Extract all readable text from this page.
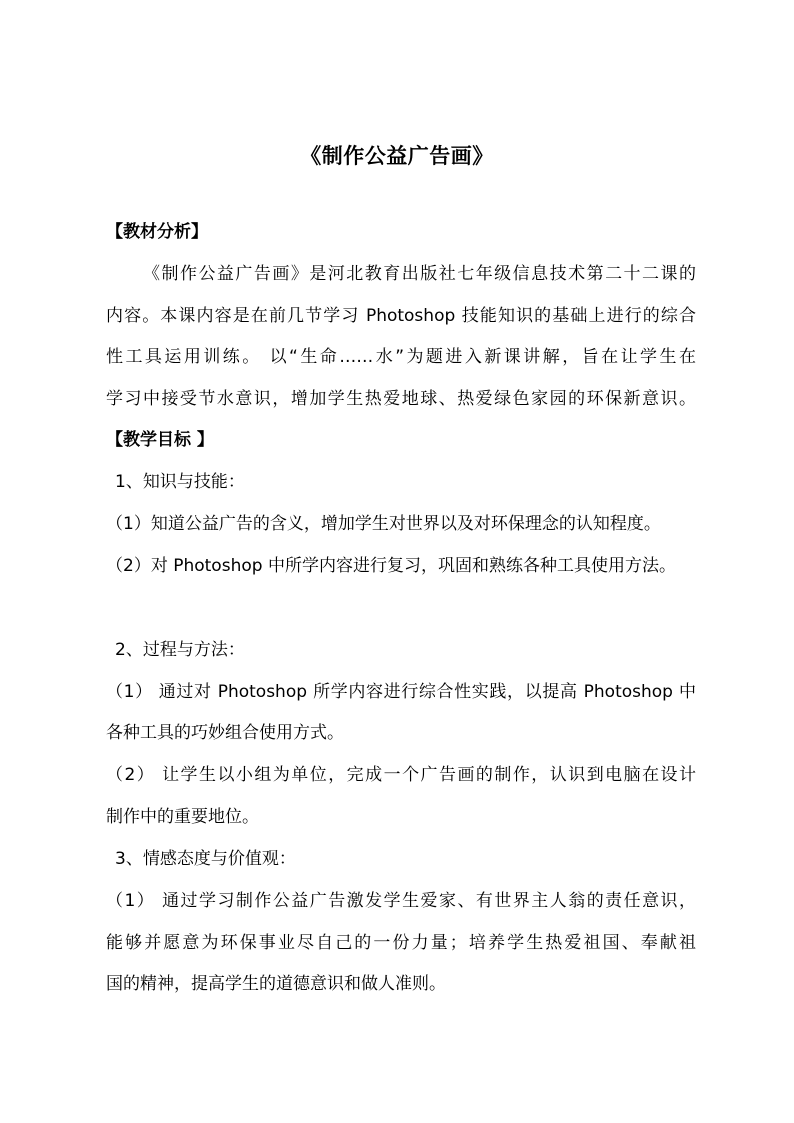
《制作公益广告画》
【教材分析】
《制作公益广告画》是河北教育出版社七年级信息技术第二十二课的
内容。本课内容是在前几节学习 Photoshop 技能知识的基础上进行的综合
性工具运用训练。 以“生命……水”为题进入新课讲解，旨在让学生在
学习中接受节水意识，增加学生热爱地球、热爱绿色家园的环保新意识。
【教学目标 】
1、知识与技能：
（1）知道公益广告的含义，增加学生对世界以及对环保理念的认知程度。
（2）对 Photoshop 中所学内容进行复习，巩固和熟练各种工具使用方法。
2、过程与方法：
（1） 通过对 Photoshop 所学内容进行综合性实践，以提高 Photoshop 中
各种工具的巧妙组合使用方式。
（2） 让学生以小组为单位，完成一个广告画的制作，认识到电脑在设计
制作中的重要地位。
3、情感态度与价值观：
（1） 通过学习制作公益广告激发学生爱家、有世界主人翁的责任意识，
能够并愿意为环保事业尽自己的一份力量；培养学生热爱祖国、奉献祖
国的精神，提高学生的道德意识和做人准则。
